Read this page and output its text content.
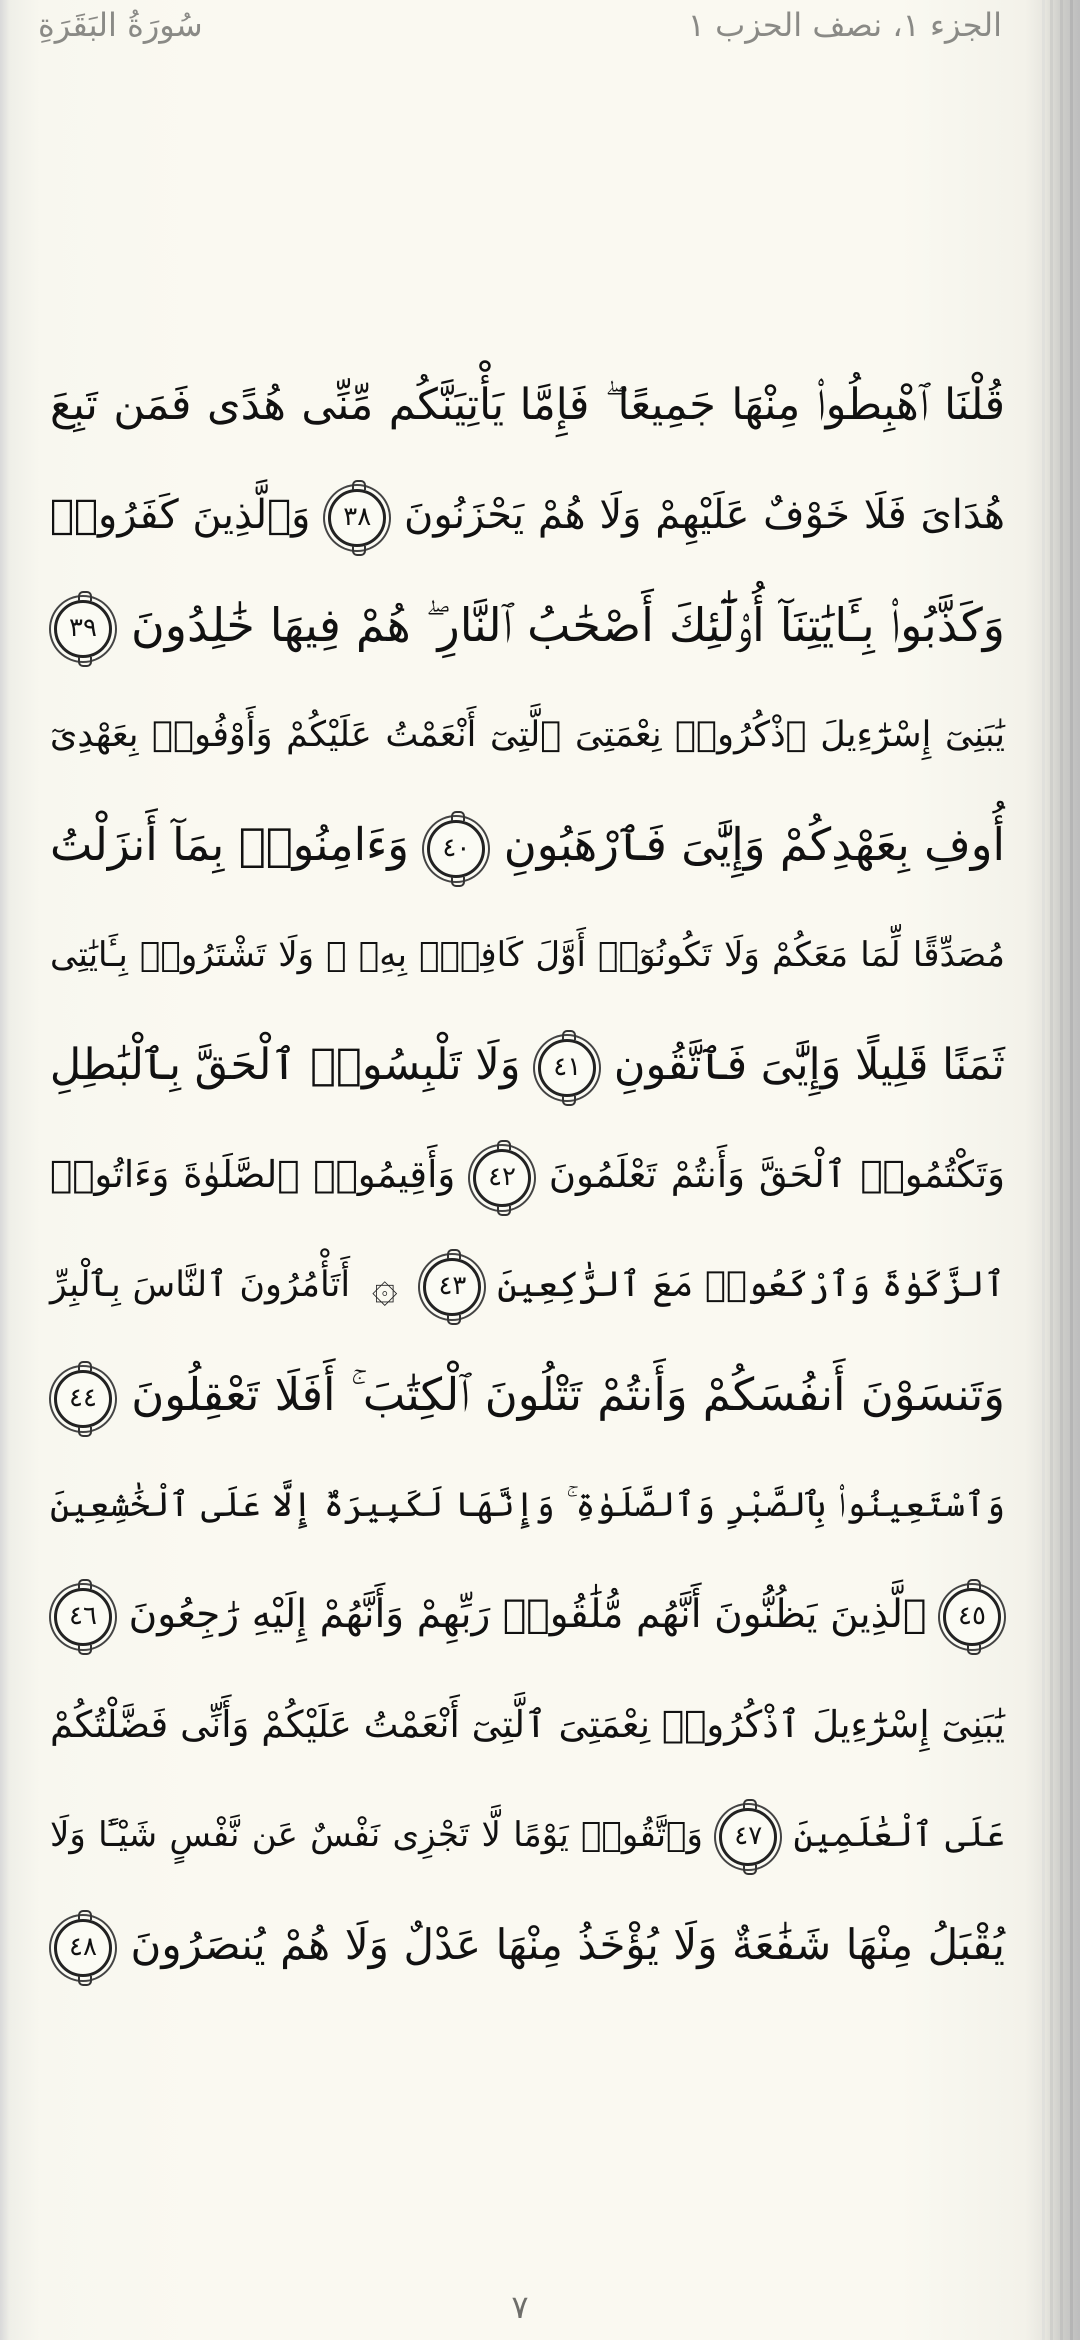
سُورَةُ البَقَرَةِ	الجزء ١، نصف الحزب ١
قُلْنَا ٱهْبِطُوا۟ مِنْهَا جَمِيعًا ۖ فَإِمَّا يَأْتِيَنَّكُم مِّنِّى هُدًى فَمَن تَبِعَ
هُدَاىَ فَلَا خَوْفٌ عَلَيْهِمْ وَلَا هُمْ يَحْزَنُونَ ٣٨ وَٱلَّذِينَ كَفَرُوا۟
وَكَذَّبُوا۟ بِـَٔايَٰتِنَآ أُو۟لَٰٓئِكَ أَصْحَٰبُ ٱلنَّارِ ۖ هُمْ فِيهَا خَٰلِدُونَ ٣٩
يَٰبَنِىٓ إِسْرَٰٓءِيلَ ٱذْكُرُوا۟ نِعْمَتِىَ ٱلَّتِىٓ أَنْعَمْتُ عَلَيْكُمْ وَأَوْفُوا۟ بِعَهْدِىٓ
أُوفِ بِعَهْدِكُمْ وَإِيَّٰىَ فَٱرْهَبُونِ ٤٠ وَءَامِنُوا۟ بِمَآ أَنزَلْتُ
مُصَدِّقًا لِّمَا مَعَكُمْ وَلَا تَكُونُوٓا۟ أَوَّلَ كَافِرٍۭ بِهِۦ ۖ وَلَا تَشْتَرُوا۟ بِـَٔايَٰتِى
ثَمَنًا قَلِيلًا وَإِيَّٰىَ فَٱتَّقُونِ ٤١ وَلَا تَلْبِسُوا۟ ٱلْحَقَّ بِٱلْبَٰطِلِ
وَتَكْتُمُوا۟ ٱلْحَقَّ وَأَنتُمْ تَعْلَمُونَ ٤٢ وَأَقِيمُوا۟ ٱلصَّلَوٰةَ وَءَاتُوا۟
ٱلزَّكَوٰةَ وَٱرْكَعُوا۟ مَعَ ٱلرَّٰكِعِينَ ٤٣ ۞ أَتَأْمُرُونَ ٱلنَّاسَ بِٱلْبِرِّ
وَتَنسَوْنَ أَنفُسَكُمْ وَأَنتُمْ تَتْلُونَ ٱلْكِتَٰبَ ۚ أَفَلَا تَعْقِلُونَ ٤٤
وَٱسْتَعِينُوا۟ بِٱلصَّبْرِ وَٱلصَّلَوٰةِ ۚ وَإِنَّهَا لَكَبِيرَةٌ إِلَّا عَلَى ٱلْخَٰشِعِينَ
٤٥ ٱلَّذِينَ يَظُنُّونَ أَنَّهُم مُّلَٰقُوا۟ رَبِّهِمْ وَأَنَّهُمْ إِلَيْهِ رَٰجِعُونَ ٤٦
يَٰبَنِىٓ إِسْرَٰٓءِيلَ ٱذْكُرُوا۟ نِعْمَتِىَ ٱلَّتِىٓ أَنْعَمْتُ عَلَيْكُمْ وَأَنِّى فَضَّلْتُكُمْ
عَلَى ٱلْعَٰلَمِينَ ٤٧ وَٱتَّقُوا۟ يَوْمًا لَّا تَجْزِى نَفْسٌ عَن نَّفْسٍ شَيْـًٔا وَلَا
يُقْبَلُ مِنْهَا شَفَٰعَةٌ وَلَا يُؤْخَذُ مِنْهَا عَدْلٌ وَلَا هُمْ يُنصَرُونَ ٤٨
٧
